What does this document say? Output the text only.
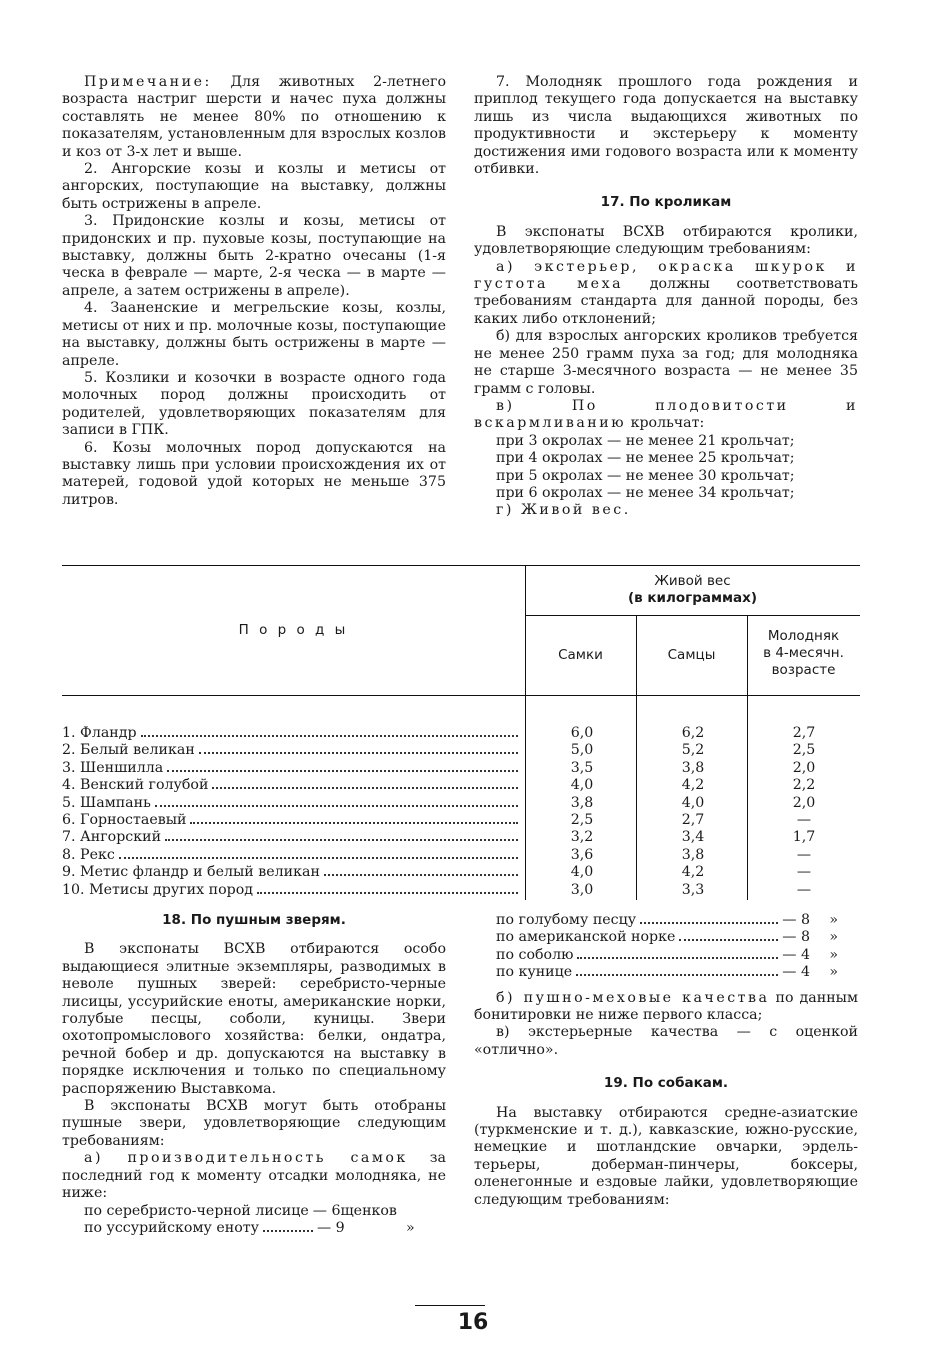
Примечание: Для животных 2-летнего возраста настриг шерсти и начес пуха должны составлять не менее 80% по отношению к показателям, установленным для взрослых козлов и коз от 3-х лет и выше.

2. Ангорские козы и козлы и метисы от ангорских, поступающие на выставку, должны быть острижены в апреле.

3. Придонские козлы и козы, метисы от придонских и пр. пуховые козы, поступающие на выставку, должны быть 2-кратно очесаны (1-я ческа в феврале — марте, 2-я ческа — в марте — апреле, а затем острижены в апреле).

4. Зааненские и мегрельские козы, козлы, метисы от них и пр. молочные козы, поступающие на выставку, должны быть острижены в марте — апреле.

5. Козлики и козочки в возрасте одного года молочных пород должны происходить от родителей, удовлетворяющих показателям для записи в ГПК.

6. Козы молочных пород допускаются на выставку лишь при условии происхождения их от матерей, годовой удой которых не меньше 375 литров.

7. Молодняк прошлого года рождения и приплод текущего года допускается на выставку лишь из числа выдающихся животных по продуктивности и экстерьеру к моменту достижения ими годового возраста или к моменту отбивки.

17. По кроликам

В экспонаты ВСХВ отбираются кролики, удовлетворяющие следующим требованиям:

а) экстерьер, окраска шкурок и густота меха должны соответствовать требованиям стандарта для данной породы, без каких либо отклонений;

б) для взрослых ангорских кроликов требуется не менее 250 грамм пуха за год; для молодняка не старше 3-месячного возраста — не менее 35 грамм с головы.

в) По плодовитости и вскармливанию крольчат:

при 3 окролах — не менее 21 крольчат;
при 4 окролах — не менее 25 крольчат;
при 5 окролах — не менее 30 крольчат;
при 6 окролах — не менее 34 крольчат;

г) Живой вес.

П о р о д ы
Живой вес
(в килограммах)
Самки	Самцы
Молодняк
в 4-месячн.
возрасте
1. Фландр	6,0	6,2	2,7
2. Белый великан	5,0	5,2	2,5
3. Шеншилла	3,5	3,8	2,0
4. Венский голубой	4,0	4,2	2,2
5. Шампань	3,8	4,0	2,0
6. Горностаевый	2,5	2,7	—
7. Ангорский	3,2	3,4	1,7
8. Рекс	3,6	3,8	—
9. Метис фландр и белый великан	4,0	4,2	—
10. Метисы других пород	3,0	3,3	—
18. По пушным зверям.

В экспонаты ВСХВ отбираются особо выдающиеся элитные экземпляры, разводимых в неволе пушных зверей: серебристо-черные лисицы, уссурийские еноты, американские норки, голубые песцы, соболи, куницы. Звери охотопромыслового хозяйства: белки, ондатра, речной бобер и др. допускаются на выставку в порядке исключения и только по специальному распоряжению Выставкома.

В экспонаты ВСХВ могут быть отобраны пушные звери, удовлетворяющие следующим требованиям:

а) производительность самок за последний год к моменту отсадки молодняка, не ниже:

по серебристо-черной лисице — 6 щенков
по уссурийскому еноту	— 9	»
по голубому песцу	— 8	»
по американской норке	— 8	»
по соболю	— 4	»
по кунице	— 4	»

б) пушно-меховые качества по данным бонитировки не ниже первого класса;

в) экстерьерные качества — с оценкой «отлично».

19. По собакам.

На выставку отбираются средне-азиатские (туркменские и т. д.), кавказские, южно-русские, немецкие и шотландские овчарки, эрдель-терьеры, доберман-пинчеры, боксеры, оленегонные и ездовые лайки, удовлетворяющие следующим требованиям:

16
